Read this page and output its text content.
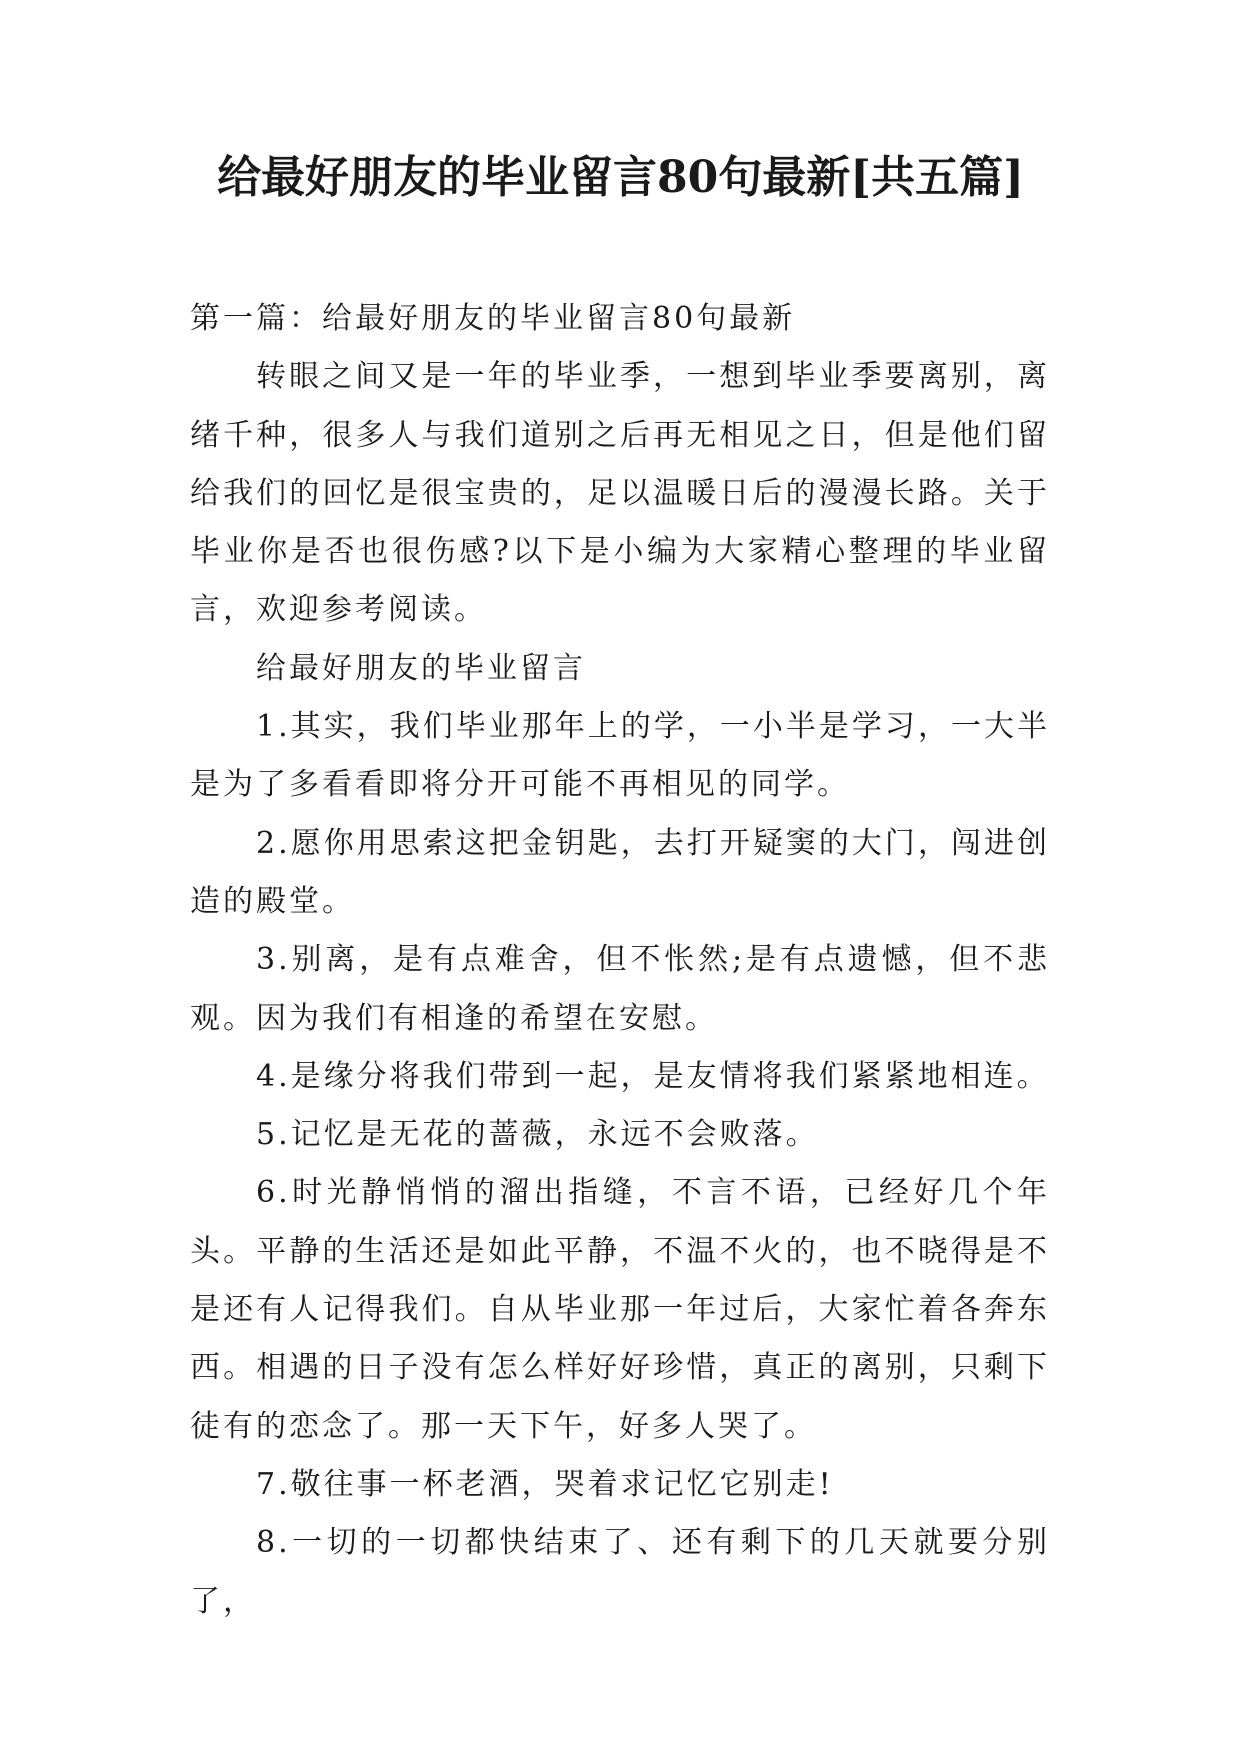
给最好朋友的毕业留言80句最新[共五篇]

第一篇：给最好朋友的毕业留言80句最新

转眼之间又是一年的毕业季，一想到毕业季要离别，离绪千种，很多人与我们道别之后再无相见之日，但是他们留给我们的回忆是很宝贵的，足以温暖日后的漫漫长路。关于毕业你是否也很伤感?以下是小编为大家精心整理的毕业留言，欢迎参考阅读。

给最好朋友的毕业留言

1.其实，我们毕业那年上的学，一小半是学习，一大半是为了多看看即将分开可能不再相见的同学。

2.愿你用思索这把金钥匙，去打开疑窦的大门，闯进创造的殿堂。

3.别离，是有点难舍，但不怅然;是有点遗憾，但不悲观。因为我们有相逢的希望在安慰。

4.是缘分将我们带到一起，是友情将我们紧紧地相连。

5.记忆是无花的蔷薇，永远不会败落。

6.时光静悄悄的溜出指缝，不言不语，已经好几个年头。平静的生活还是如此平静，不温不火的，也不晓得是不是还有人记得我们。自从毕业那一年过后，大家忙着各奔东西。相遇的日子没有怎么样好好珍惜，真正的离别，只剩下徒有的恋念了。那一天下午，好多人哭了。

7.敬往事一杯老酒，哭着求记忆它别走!

8.一切的一切都快结束了、还有剩下的几天就要分别了，
